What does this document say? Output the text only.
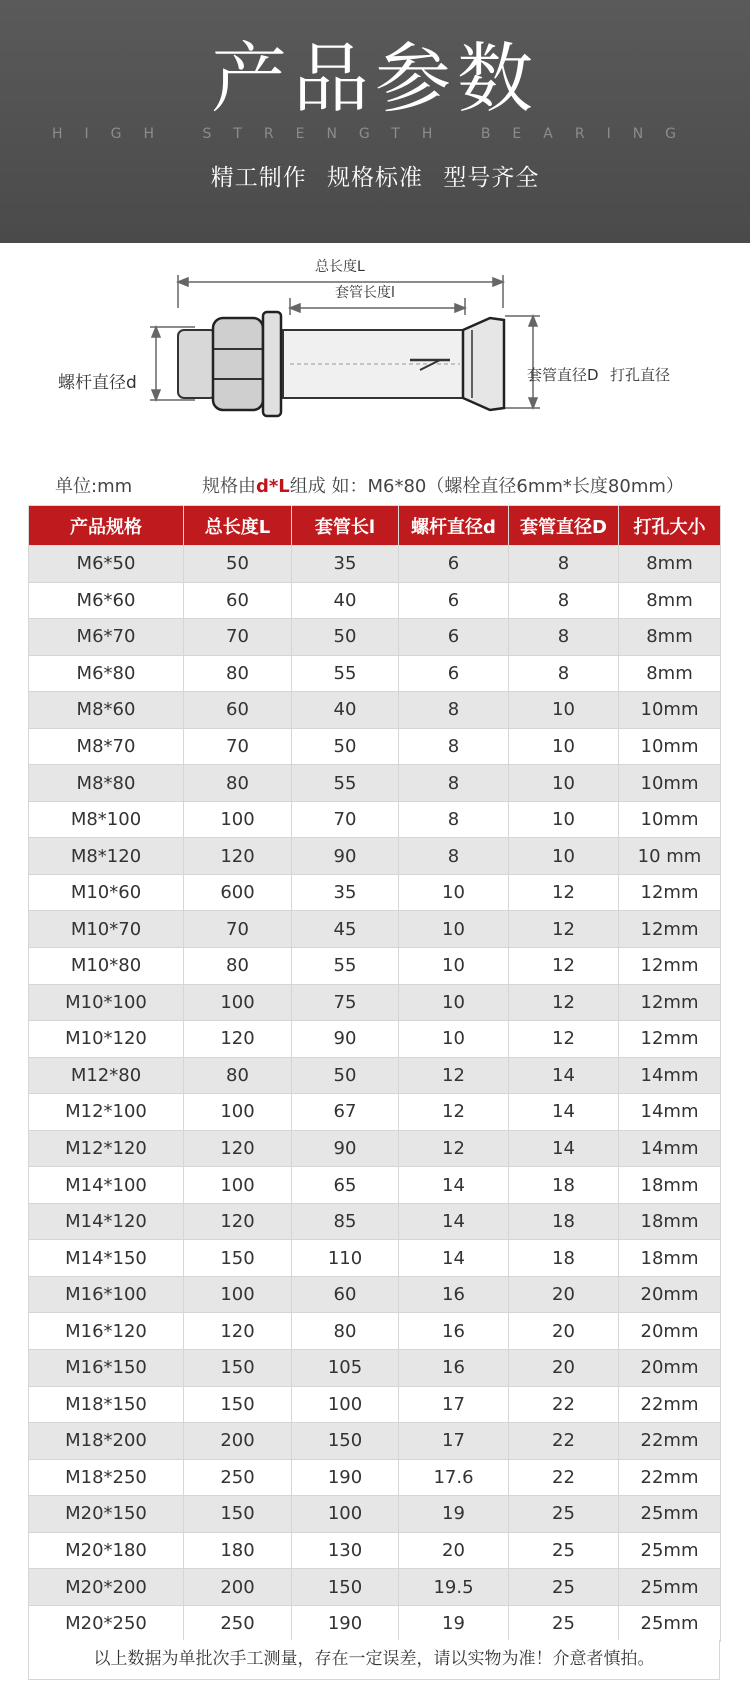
产品参数
HIGH STRENGTH BEARING
精工制作 规格标准 型号齐全
总长度L
套管长度l
螺杆直径d	套管直径D 打孔直径
单位:mm	规格由d*L组成 如：M6*80（螺栓直径6mm*长度80mm）
产品规格	总长度L	套管长l	螺杆直径d	套管直径D	打孔大小
M6*50	50	35	6	8	8mm
M6*60	60	40	6	8	8mm
M6*70	70	50	6	8	8mm
M6*80	80	55	6	8	8mm
M8*60	60	40	8	10	10mm
M8*70	70	50	8	10	10mm
M8*80	80	55	8	10	10mm
M8*100	100	70	8	10	10mm
M8*120	120	90	8	10	10 mm
M10*60	600	35	10	12	12mm
M10*70	70	45	10	12	12mm
M10*80	80	55	10	12	12mm
M10*100	100	75	10	12	12mm
M10*120	120	90	10	12	12mm
M12*80	80	50	12	14	14mm
M12*100	100	67	12	14	14mm
M12*120	120	90	12	14	14mm
M14*100	100	65	14	18	18mm
M14*120	120	85	14	18	18mm
M14*150	150	110	14	18	18mm
M16*100	100	60	16	20	20mm
M16*120	120	80	16	20	20mm
M16*150	150	105	16	20	20mm
M18*150	150	100	17	22	22mm
M18*200	200	150	17	22	22mm
M18*250	250	190	17.6	22	22mm
M20*150	150	100	19	25	25mm
M20*180	180	130	20	25	25mm
M20*200	200	150	19.5	25	25mm
M20*250	250	190	19	25	25mm
以上数据为单批次手工测量，存在一定误差，请以实物为准！介意者慎拍。
